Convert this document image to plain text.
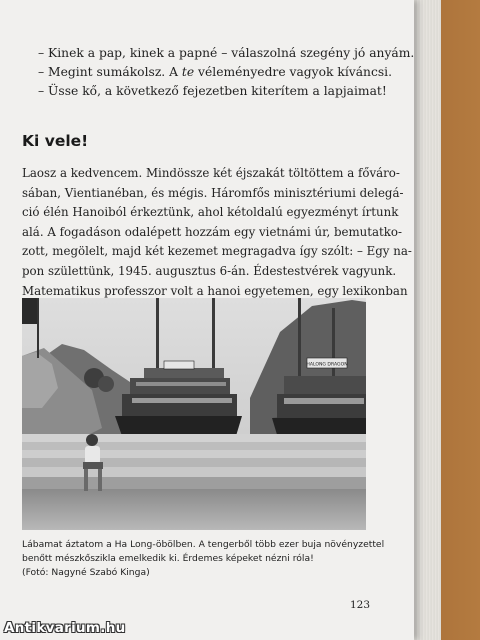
– Kinek a pap, kinek a papné – válaszolná szegény jó anyám.

– Megint sumákolsz. A te véleményedre vagyok kíváncsi.

– Üsse kő, a következő fejezetben kiterítem a lapjaimat!

Ki vele!

Laosz a kedvencem. Mindössze két éjszakát töltöttem a főváro-
sában, Vientianéban, és mégis. Háromfős minisztériumi delegá-
ció élén Hanoiból érkeztünk, ahol kétoldalú egyezményt írtunk
alá. A fogadáson odalépett hozzám egy vietnámi úr, bemutatko-
zott, megölelt, majd két kezemet megragadva így szólt: – Egy na-
pon születtünk, 1945. augusztus 6-án. Édestestvérek vagyunk.
Matematikus professzor volt a hanoi egyetemen, egy lexikonban

HALONG DRAGON

Lábamat áztatom a Ha Long-öbölben. A tengerből több ezer buja növényzettel
benőtt mészkőszikla emelkedik ki. Érdemes képeket nézni róla!
(Fotó: Nagyné Szabó Kinga)

123
Antikvarium.hu
